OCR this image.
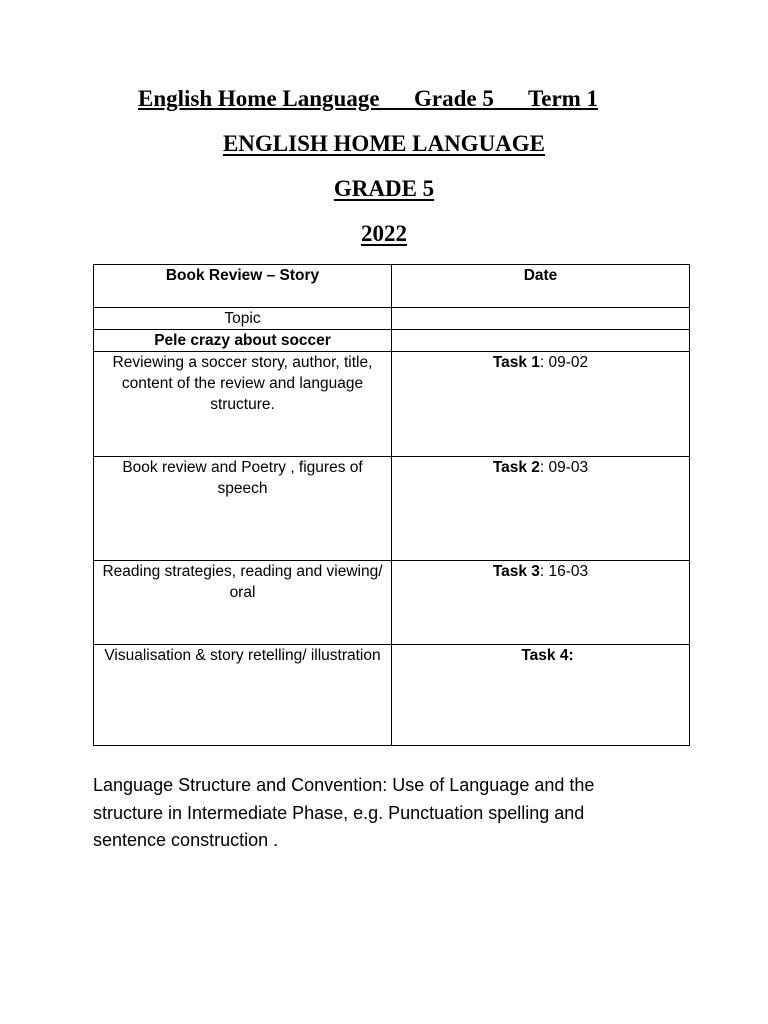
English Home Language Grade 5 Term 1
ENGLISH HOME LANGUAGE
GRADE 5
2022
Book Review – Story	Date
Topic	
Pele crazy about soccer	
Reviewing a soccer story, author, title, content of the review and language structure.	Task 1: 09-02
Book review and Poetry , figures of speech	Task 2: 09-03
Reading strategies, reading and viewing/ oral	Task 3: 16-03
Visualisation & story retelling/ illustration	Task 4:
Language Structure and Convention: Use of Language and the structure in Intermediate Phase, e.g. Punctuation spelling and sentence construction .
